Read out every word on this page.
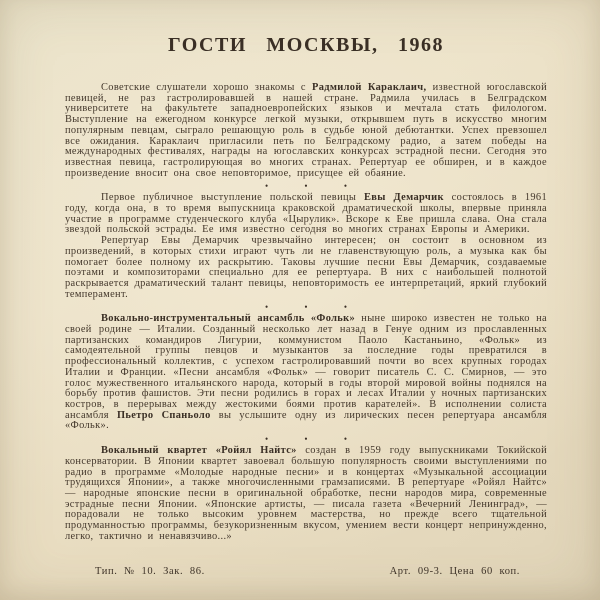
ГОСТИ МОСКВЫ, 1968

Советские слушатели хорошо знакомы с Радмилой Караклаич, известной югославской певицей, не раз гастролировавшей в нашей стране. Радмила училась в Белградском университете на факультете западноевропейских языков и мечтала стать филологом. Выступление на ежегодном конкурсе легкой музыки, открывшем путь в искусство многим популярным певцам, сыграло решающую роль в судьбе юной дебютантки. Успех превзошел все ожидания. Караклаич пригласили петь по Белградскому радио, а затем победы на международных фестивалях, награды на югославских конкурсах эстрадной песни. Сегодня это известная певица, гастролирующая во многих странах. Репертуар ее обширен, и в каждое произведение вносит она свое неповторимое, присущее ей обаяние.

• • •

Первое публичное выступление польской певицы Евы Демарчик состоялось в 1961 году, когда она, в то время выпускница краковской драматической школы, впервые приняла участие в программе студенческого клуба «Цырулик». Вскоре к Еве пришла слава. Она стала звездой польской эстрады. Ее имя известно сегодня во многих странах Европы и Америки.

Репертуар Евы Демарчик чрезвычайно интересен; он состоит в основном из произведений, в которых стихи играют чуть ли не главенствующую роль, а музыка как бы помогает более полному их раскрытию. Таковы лучшие песни Евы Демарчик, создаваемые поэтами и композиторами специально для ее репертуара. В них с наибольшей полнотой раскрывается драматический талант певицы, неповторимость ее интерпретаций, яркий глубокий темперамент.

• • •

Вокально-инструментальный ансамбль «Фольк» ныне широко известен не только на своей родине — Италии. Созданный несколько лет назад в Генуе одним из прославленных партизанских командиров Лигурии, коммунистом Паоло Кастаньино, «Фольк» из самодеятельной группы певцов и музыкантов за последние годы превратился в профессиональный коллектив, с успехом гастролировавший почти во всех крупных городах Италии и Франции. «Песни ансамбля «Фольк» — говорит писатель С. С. Смирнов, — это голос мужественного итальянского народа, который в годы второй мировой войны поднялся на борьбу против фашистов. Эти песни родились в горах и лесах Италии у ночных партизанских костров, в перерывах между жестокими боями против карателей». В исполнении солиста ансамбля Пьетро Спаньоло вы услышите одну из лирических песен репертуара ансамбля «Фольк».

• • •

Вокальный квартет «Ройял Найтс» создан в 1959 году выпускниками Токийской консерватории. В Японии квартет завоевал большую популярность своими выступлениями по радио в программе «Молодые народные песни» и в концертах «Музыкальной ассоциации трудящихся Японии», а также многочисленными грамзаписями. В репертуаре «Ройял Найтс» — народные японские песни в оригинальной обработке, песни народов мира, современные эстрадные песни Японии. «Японские артисты, — писала газета «Вечерний Ленинград», — порадовали не только высоким уровнем мастерства, но прежде всего тщательной продуманностью программы, безукоризненным вкусом, умением вести концерт непринужденно, легко, тактично и ненавязчиво...»

Тип. № 10. Зак. 86.	Арт. 09-3. Цена 60 коп.
